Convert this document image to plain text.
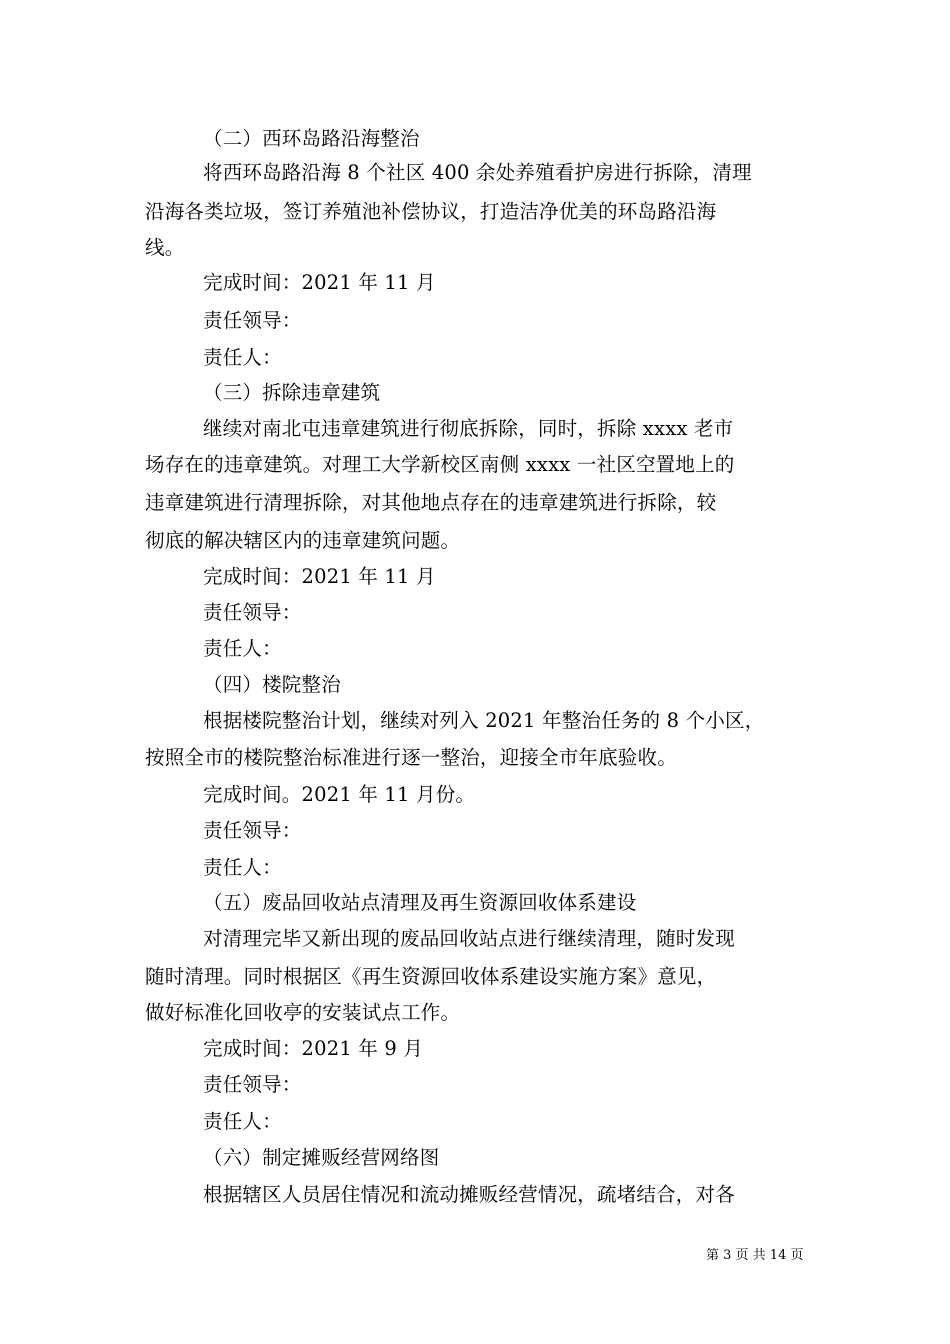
（二）西环岛路沿海整治
将西环岛路沿海 8 个社区 400 余处养殖看护房进行拆除，清理
沿海各类垃圾，签订养殖池补偿协议，打造洁净优美的环岛路沿海
线。
完成时间：2021 年 11 月
责任领导：
责任人：
（三）拆除违章建筑
继续对南北屯违章建筑进行彻底拆除，同时，拆除 xxxx 老市
场存在的违章建筑。对理工大学新校区南侧 xxxx 一社区空置地上的
违章建筑进行清理拆除，对其他地点存在的违章建筑进行拆除，较
彻底的解决辖区内的违章建筑问题。
完成时间：2021 年 11 月
责任领导：
责任人：
（四）楼院整治
根据楼院整治计划，继续对列入 2021 年整治任务的 8 个小区，
按照全市的楼院整治标准进行逐一整治，迎接全市年底验收。
完成时间。2021 年 11 月份。
责任领导：
责任人：
（五）废品回收站点清理及再生资源回收体系建设
对清理完毕又新出现的废品回收站点进行继续清理，随时发现
随时清理。同时根据区《再生资源回收体系建设实施方案》意见，
做好标准化回收亭的安装试点工作。
完成时间：2021 年 9 月
责任领导：
责任人：
（六）制定摊贩经营网络图
根据辖区人员居住情况和流动摊贩经营情况，疏堵结合，对各
第 3 页 共 14 页
